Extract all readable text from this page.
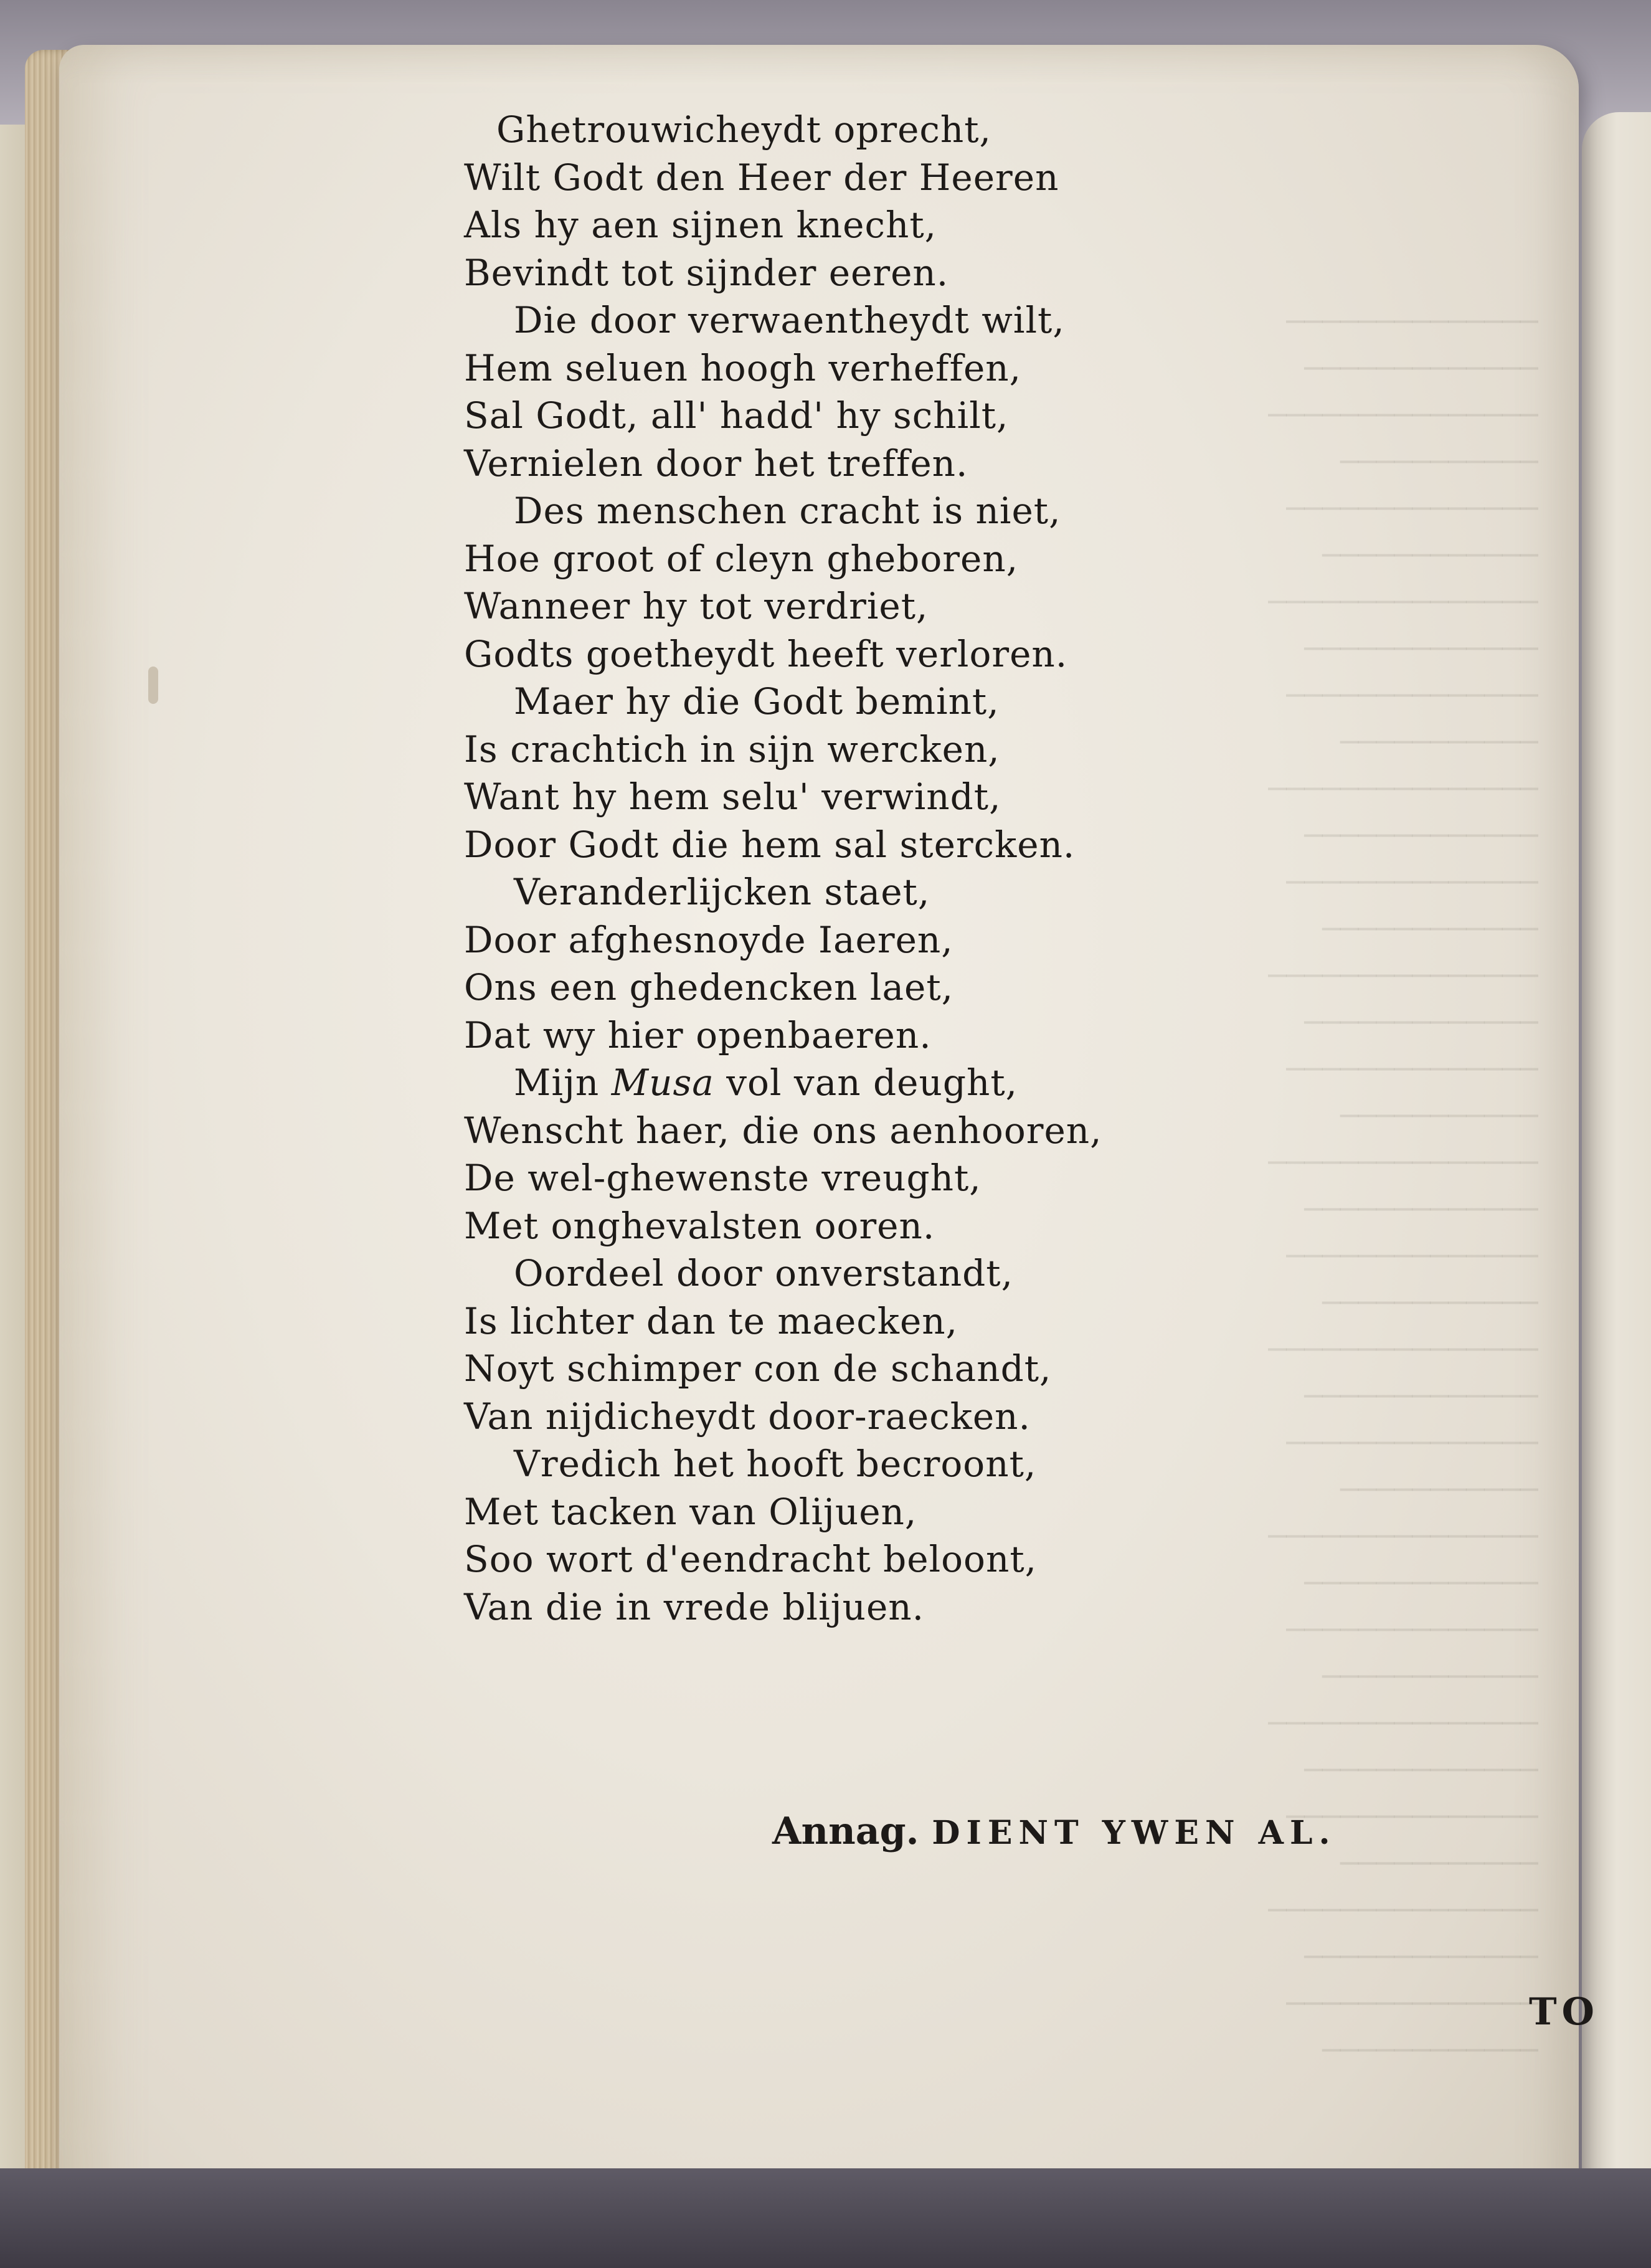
──────────────
─────────────
───────────────
───────────
──────────────
────────────
───────────────
─────────────
──────────────
───────────
───────────────
─────────────
──────────────
────────────
───────────────
─────────────
──────────────
───────────
───────────────
─────────────
──────────────
────────────
───────────────
─────────────
──────────────
───────────
───────────────
─────────────
──────────────
────────────
───────────────
─────────────
──────────────
───────────
───────────────
─────────────
──────────────
────────────
Ghetrouwicheydt oprecht,
Wilt Godt den Heer der Heeren
Als hy aen sijnen knecht,
Bevindt tot sijnder eeren.
Die door verwaentheydt wilt,
Hem seluen hoogh verheffen,
Sal Godt, all' hadd' hy schilt,
Vernielen door het treffen.
Des menschen cracht is niet,
Hoe groot of cleyn gheboren,
Wanneer hy tot verdriet,
Godts goetheydt heeft verloren.
Maer hy die Godt bemint,
Is crachtich in sijn wercken,
Want hy hem selu' verwindt,
Door Godt die hem sal stercken.
Veranderlijcken staet,
Door afghesnoyde Iaeren,
Ons een ghedencken laet,
Dat wy hier openbaeren.
Mijn Musa vol van deught,
Wenscht haer, die ons aenhooren,
De wel-ghewenste vreught,
Met onghevalsten ooren.
Oordeel door onverstandt,
Is lichter dan te maecken,
Noyt schimper con de schandt,
Van nijdicheydt door-raecken.
Vredich het hooft becroont,
Met tacken van Olijuen,
Soo wort d'eendracht beloont,
Van die in vrede blijuen.
Annag. DIENT YWEN AL.
TO
